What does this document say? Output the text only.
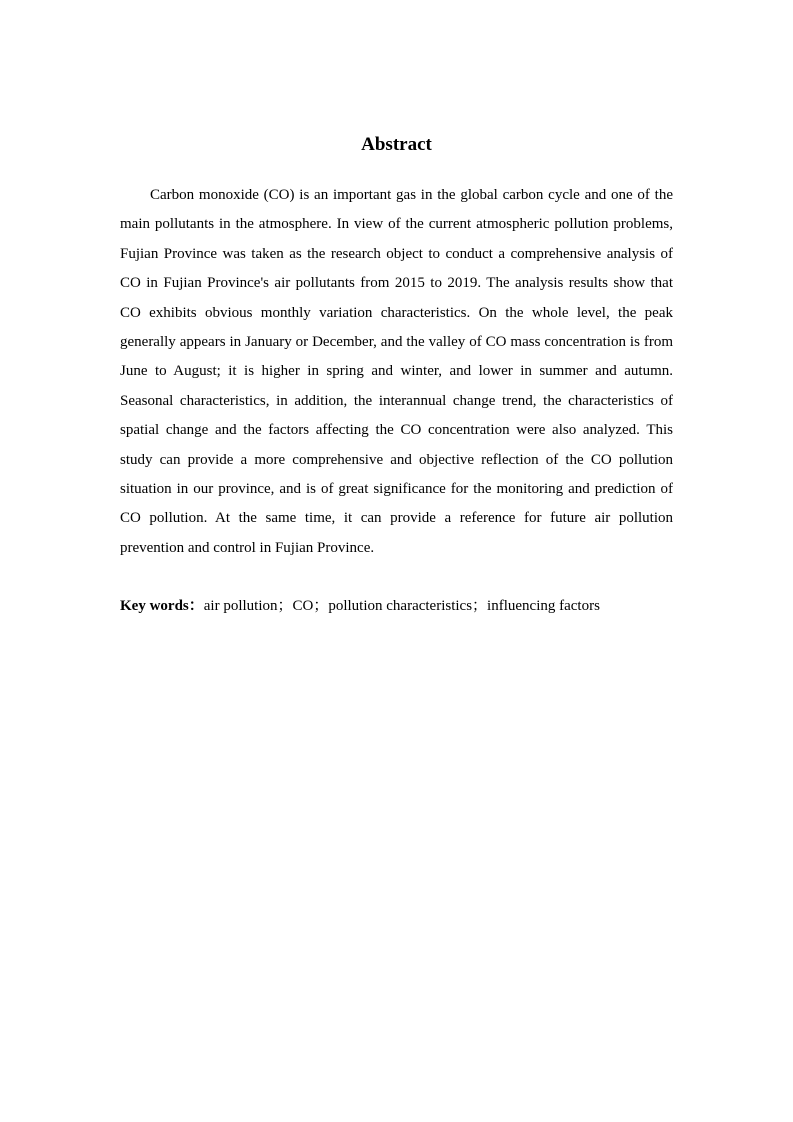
Abstract

Carbon monoxide (CO) is an important gas in the global carbon cycle and one of the main pollutants in the atmosphere. In view of the current atmospheric pollution problems, Fujian Province was taken as the research object to conduct a comprehensive analysis of CO in Fujian Province's air pollutants from 2015 to 2019. The analysis results show that CO exhibits obvious monthly variation characteristics. On the whole level, the peak generally appears in January or December, and the valley of CO mass concentration is from June to August; it is higher in spring and winter, and lower in summer and autumn. Seasonal characteristics, in addition, the interannual change trend, the characteristics of spatial change and the factors affecting the CO concentration were also analyzed. This study can provide a more comprehensive and objective reflection of the CO pollution situation in our province, and is of great significance for the monitoring and prediction of CO pollution. At the same time, it can provide a reference for future air pollution prevention and control in Fujian Province.

Key words：air pollution；CO；pollution characteristics；influencing factors
